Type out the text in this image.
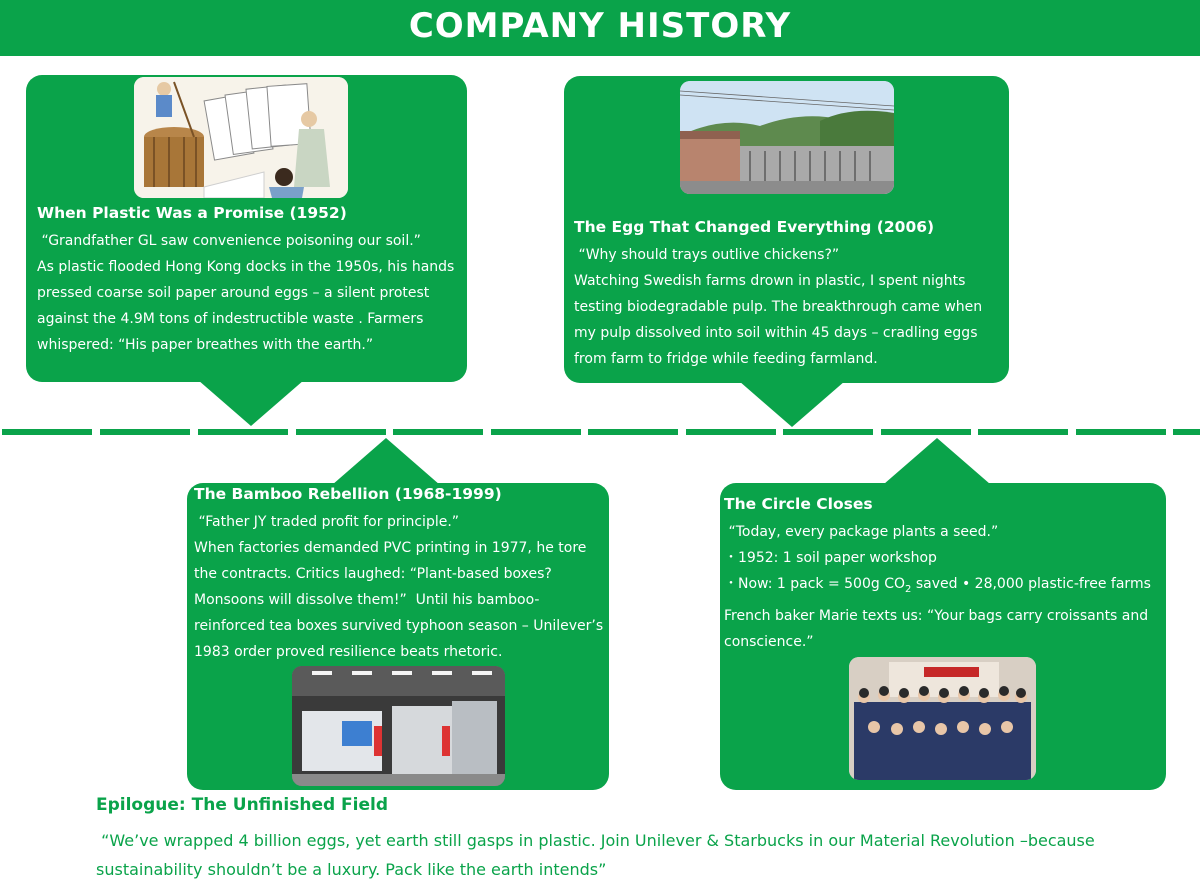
COMPANY HISTORY

When Plastic Was a Promise (1952)

“Grandfather GL saw convenience poisoning our soil.”

As plastic flooded Hong Kong docks in the 1950s, his hands pressed coarse soil paper around eggs – a silent protest against the 4.9M tons of indestructible waste . Farmers whispered: “His paper breathes with the earth.”

The Egg That Changed Everything (2006)

“Why should trays outlive chickens?”

Watching Swedish farms drown in plastic, I spent nights testing biodegradable pulp. The breakthrough came when my pulp dissolved into soil within 45 days – cradling eggs from farm to fridge while feeding farmland.

The Bamboo Rebellion (1968-1999)

“Father JY traded profit for principle.”

When factories demanded PVC printing in 1977, he tore the contracts. Critics laughed: “Plant-based boxes? Monsoons will dissolve them!”  Until his bamboo-reinforced tea boxes survived typhoon season – Unilever’s 1983 order proved resilience beats rhetoric.

The Circle Closes

“Today, every package plants a seed.”

・1952: 1 soil paper workshop

・Now: 1 pack = 500g $CO_2$ saved • 28,000 plastic-free farms

French baker Marie texts us: “Your bags carry croissants and conscience.”

Epilogue: The Unfinished Field
“We’ve wrapped 4 billion eggs, yet earth still gasps in plastic. Join Unilever & Starbucks in our Material Revolution –because sustainability shouldn’t be a luxury. Pack like the earth intends”
